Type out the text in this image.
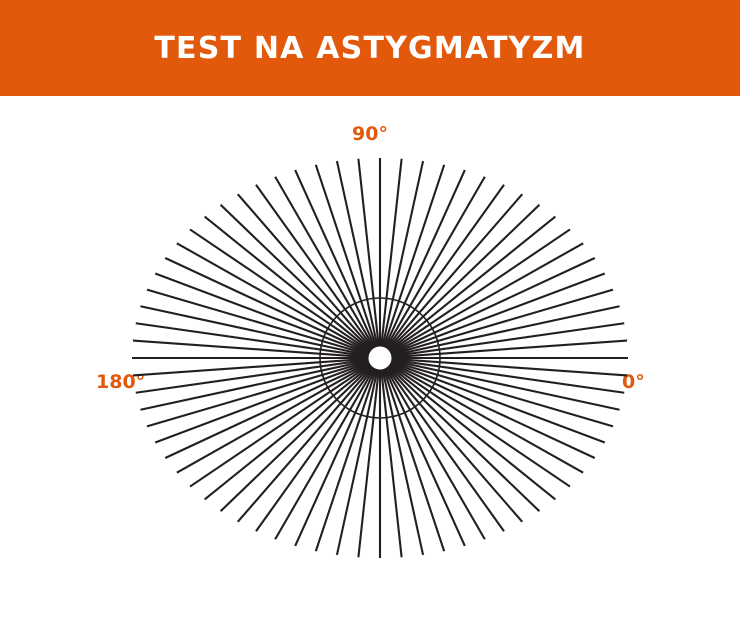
TEST NA ASTYGMATYZM
90°
0°
180°
